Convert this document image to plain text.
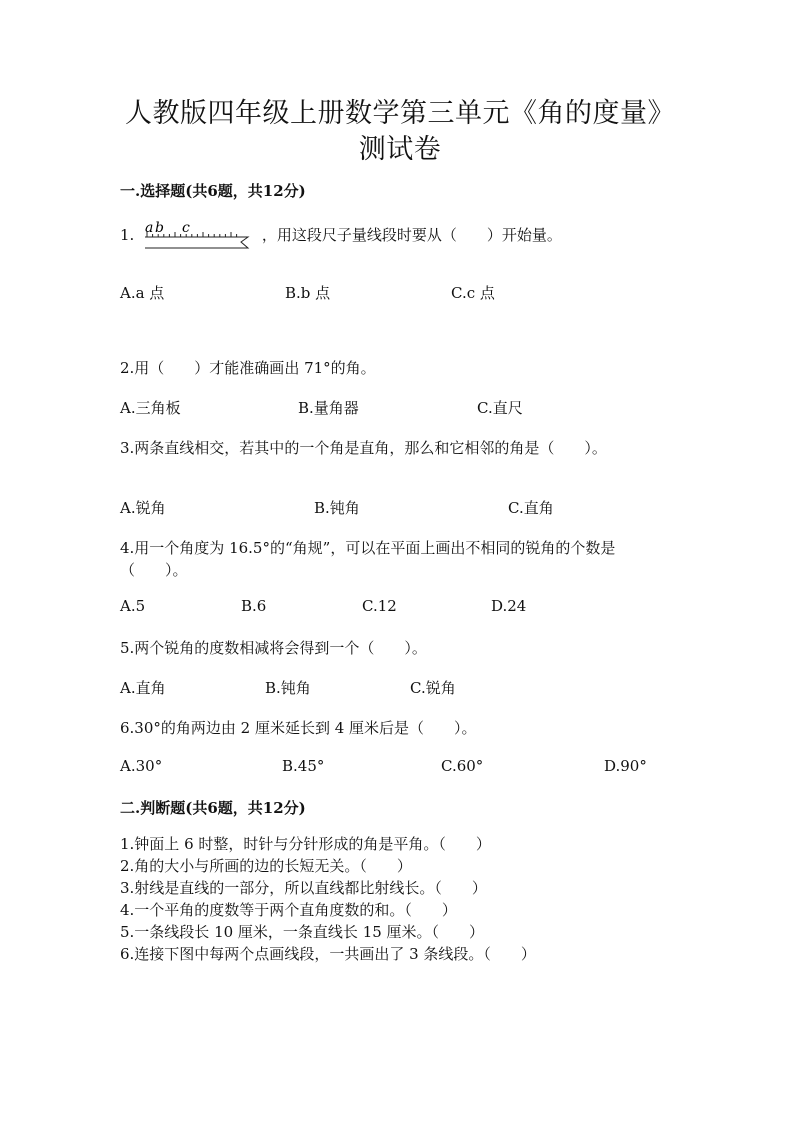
人教版四年级上册数学第三单元《角的度量》测试卷
一.选择题(共6题，共12分)
1. a b c	，用这段尺子量线段时要从（　　）开始量。
A.a 点	B.b 点	C.c 点
2.用（　　）才能准确画出 71°的角。
A.三角板	B.量角器	C.直尺
3.两条直线相交，若其中的一个角是直角，那么和它相邻的角是（　　）。
A.锐角	B.钝角	C.直角
4.用一个角度为 16.5°的“角规”，可以在平面上画出不相同的锐角的个数是（　　）。
A.5	B.6	C.12	D.24
5.两个锐角的度数相减将会得到一个（　　）。
A.直角	B.钝角	C.锐角
6.30°的角两边由 2 厘米延长到 4 厘米后是（　　）。
A.30°	B.45°	C.60°	D.90°
二.判断题(共6题，共12分)
1.钟面上 6 时整，时针与分针形成的角是平角。（　　）
2.角的大小与所画的边的长短无关。（　　）
3.射线是直线的一部分，所以直线都比射线长。（　　）
4.一个平角的度数等于两个直角度数的和。（　　）
5.一条线段长 10 厘米，一条直线长 15 厘米。（　　）
6.连接下图中每两个点画线段，一共画出了 3 条线段。（　　）
